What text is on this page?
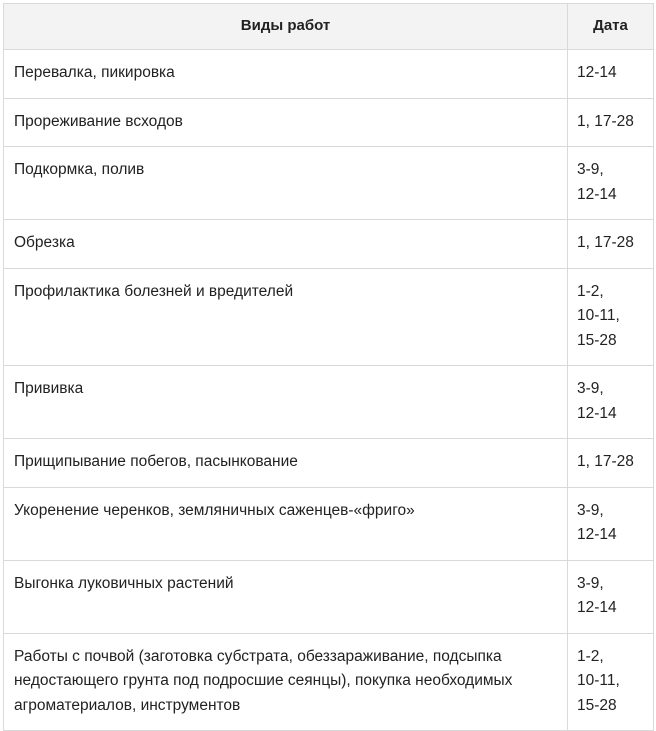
Виды работ	Дата
Перевалка, пикировка	12-14

Прореживание всходов	1, 17-28

Подкормка, полив	3-9,
12-14

Обрезка	1, 17-28

Профилактика болезней и вредителей	1-2,
10-11,
15-28

Прививка	3-9,
12-14

Прищипывание побегов, пасынкование	1, 17-28

Укоренение черенков, земляничных саженцев-«фриго»	3-9,
12-14

Выгонка луковичных растений	3-9,
12-14

Работы с почвой (заготовка субстрата, обеззараживание, подсыпка недостающего грунта под подросшие сеянцы), покупка необходимых агроматериалов, инструментов	1-2,
10-11,
15-28
